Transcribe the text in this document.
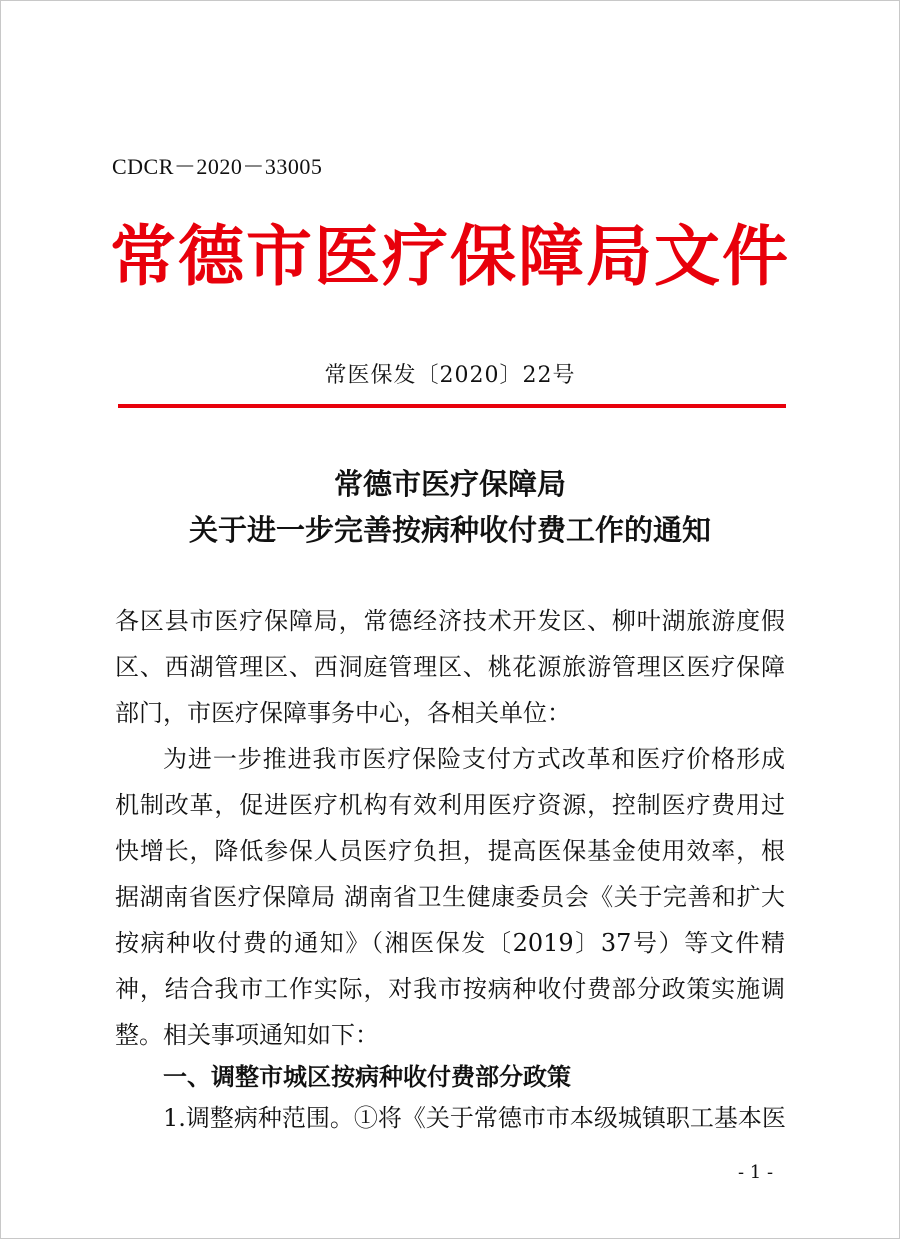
CDCR－2020－33005
常德市医疗保障局文件
常医保发〔2020〕22号
常德市医疗保障局
关于进一步完善按病种收付费工作的通知
各区县市医疗保障局，常德经济技术开发区、柳叶湖旅游度假区、西湖管理区、西洞庭管理区、桃花源旅游管理区医疗保障部门，市医疗保障事务中心，各相关单位：
为进一步推进我市医疗保险支付方式改革和医疗价格形成机制改革，促进医疗机构有效利用医疗资源，控制医疗费用过快增长，降低参保人员医疗负担，提高医保基金使用效率，根据湖南省医疗保障局 湖南省卫生健康委员会《关于完善和扩大按病种收付费的通知》（湘医保发〔2019〕37号）等文件精神，结合我市工作实际，对我市按病种收付费部分政策实施调整。相关事项通知如下：
一、调整市城区按病种收付费部分政策
1.调整病种范围。①将《关于常德市市本级城镇职工基本医
- 1 -
